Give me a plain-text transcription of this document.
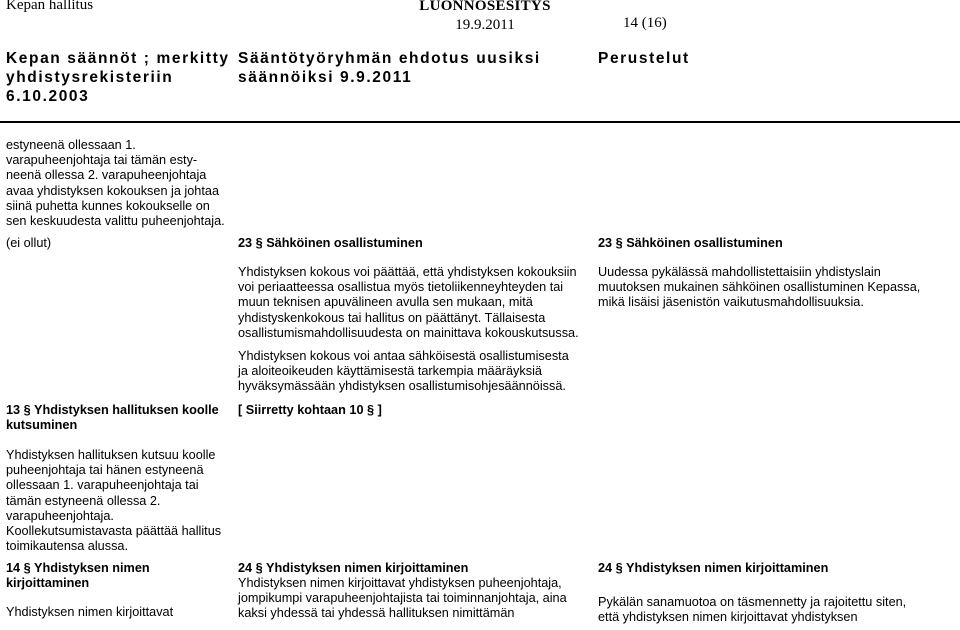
Kepan hallitus	LUONNOSESITYS
19.9.2011	14 (16)
Kepan säännöt ; merkitty yhdistysrekisteriin 6.10.2003
Sääntötyöryhmän ehdotus uusiksi säännöiksi 9.9.2011
Perustelut
estyneenä ollessaan 1.
varapuheenjohtaja tai tämän esty-
neenä ollessa 2. varapuheenjohtaja
avaa yhdistyksen kokouksen ja johtaa
siinä puhetta kunnes kokoukselle on
sen keskuudesta valittu puheenjohtaja.
(ei ollut)
13 § Yhdistyksen hallituksen koolle
kutsuminen
Yhdistyksen hallituksen kutsuu koolle
puheenjohtaja tai hänen estyneenä
ollessaan 1. varapuheenjohtaja tai
tämän estyneenä ollessa 2.
varapuheenjohtaja.
Koollekutsumistavasta päättää hallitus
toimikautensa alussa.
14 § Yhdistyksen nimen
kirjoittaminen
Yhdistyksen nimen kirjoittavat
23 § Sähköinen osallistuminen
Yhdistyksen kokous voi päättää, että yhdistyksen kokouksiin
voi periaatteessa osallistua myös tietoliikenneyhteyden tai
muun teknisen apuvälineen avulla sen mukaan, mitä
yhdistyskenkokous tai hallitus on päättänyt. Tällaisesta
osallistumismahdollisuudesta on mainittava kokouskutsussa.
Yhdistyksen kokous voi antaa sähköisestä osallistumisesta
ja aloiteoikeuden käyttämisestä tarkempia määräyksiä
hyväksymässään yhdistyksen osallistumisohjesäännöissä.
[ Siirretty kohtaan 10 § ]
24 § Yhdistyksen nimen kirjoittaminen
Yhdistyksen nimen kirjoittavat yhdistyksen puheenjohtaja,
jompikumpi varapuheenjohtajista tai toiminnanjohtaja, aina
kaksi yhdessä tai yhdessä hallituksen nimittämän
23 § Sähköinen osallistuminen
Uudessa pykälässä mahdollistettaisiin yhdistyslain
muutoksen mukainen sähköinen osallistuminen Kepassa,
mikä lisäisi jäsenistön vaikutusmahdollisuuksia.
24 § Yhdistyksen nimen kirjoittaminen
Pykälän sanamuotoa on täsmennetty ja rajoitettu siten,
että yhdistyksen nimen kirjoittavat yhdistyksen
